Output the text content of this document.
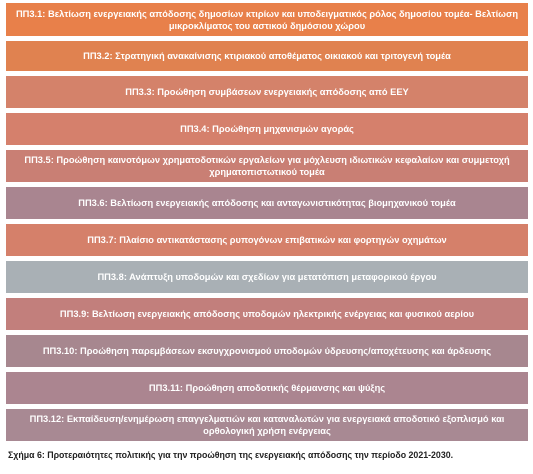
ΠΠ3.1: Βελτίωση ενεργειακής απόδοσης δημοσίων κτιρίων και υποδειγματικός ρόλος δημοσίου τομέα- Βελτίωση μικροκλίματος του αστικού δημόσιου χώρου
ΠΠ3.2: Στρατηγική ανακαίνισης κτιριακού αποθέματος οικιακού και τριτογενή τομέα
ΠΠ3.3: Προώθηση συμβάσεων ενεργειακής απόδοσης από ΕΕΥ
ΠΠ3.4: Προώθηση μηχανισμών αγοράς
ΠΠ3.5: Προώθηση καινοτόμων χρηματοδοτικών εργαλείων για μόχλευση ιδιωτικών κεφαλαίων και συμμετοχή χρηματοπιστωτικού τομέα
ΠΠ3.6: Βελτίωση ενεργειακής απόδοσης και ανταγωνιστικότητας βιομηχανικού τομέα
ΠΠ3.7: Πλαίσιο αντικατάστασης ρυπογόνων επιβατικών και φορτηγών οχημάτων
ΠΠ3.8: Ανάπτυξη υποδομών και σχεδίων για μετατόπιση μεταφορικού έργου
ΠΠ3.9: Βελτίωση ενεργειακής απόδοσης υποδομών ηλεκτρικής ενέργειας και φυσικού αερίου
ΠΠ3.10: Προώθηση παρεμβάσεων εκσυγχρονισμού υποδομών ύδρευσης/αποχέτευσης και άρδευσης
ΠΠ3.11: Προώθηση αποδοτικής θέρμανσης και ψύξης
ΠΠ3.12: Εκπαίδευση/ενημέρωση επαγγελματιών και καταναλωτών για ενεργειακά αποδοτικό εξοπλισμό και ορθολογική χρήση ενέργειας
Σχήμα 6: Προτεραιότητες πολιτικής για την προώθηση της ενεργειακής απόδοσης την περίοδο 2021-2030.
